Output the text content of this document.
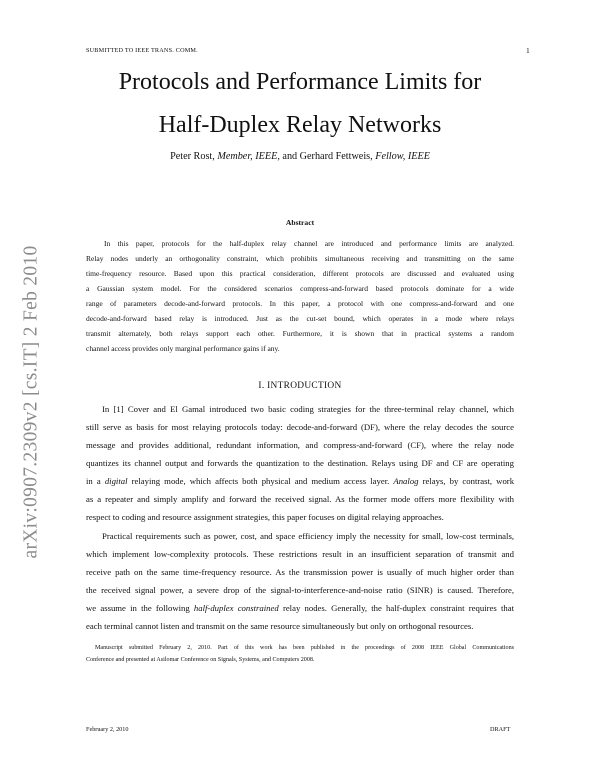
SUBMITTED TO IEEE TRANS. COMM.	1
Protocols and Performance Limits for
Half-Duplex Relay Networks
Peter Rost, Member, IEEE, and Gerhard Fettweis, Fellow, IEEE
arXiv:0907.2309v2 [cs.IT] 2 Feb 2010
Abstract
In this paper, protocols for the half-duplex relay channel are introduced and performance limits are analyzed.
Relay nodes underly an orthogonality constraint, which prohibits simultaneous receiving and transmitting on the same
time-frequency resource. Based upon this practical consideration, different protocols are discussed and evaluated using
a Gaussian system model. For the considered scenarios compress-and-forward based protocols dominate for a wide
range of parameters decode-and-forward protocols. In this paper, a protocol with one compress-and-forward and one
decode-and-forward based relay is introduced. Just as the cut-set bound, which operates in a mode where relays
transmit alternately, both relays support each other. Furthermore, it is shown that in practical systems a random
channel access provides only marginal performance gains if any.
I. INTRODUCTION
In [1] Cover and El Gamal introduced two basic coding strategies for the three-terminal relay channel, which
still serve as basis for most relaying protocols today: decode-and-forward (DF), where the relay decodes the source
message and provides additional, redundant information, and compress-and-forward (CF), where the relay node
quantizes its channel output and forwards the quantization to the destination. Relays using DF and CF are operating
in a digital relaying mode, which affects both physical and medium access layer. Analog relays, by contrast, work
as a repeater and simply amplify and forward the received signal. As the former mode offers more flexibility with
respect to coding and resource assignment strategies, this paper focuses on digital relaying approaches.
Practical requirements such as power, cost, and space efficiency imply the necessity for small, low-cost terminals,
which implement low-complexity protocols. These restrictions result in an insufficient separation of transmit and
receive path on the same time-frequency resource. As the transmission power is usually of much higher order than
the received signal power, a severe drop of the signal-to-interference-and-noise ratio (SINR) is caused. Therefore,
we assume in the following half-duplex constrained relay nodes. Generally, the half-duplex constraint requires that
each terminal cannot listen and transmit on the same resource simultaneously but only on orthogonal resources.
Manuscript submitted February 2, 2010. Part of this work has been published in the proceedings of 2008 IEEE Global Communications
Conference and presented at Asilomar Conference on Signals, Systems, and Computers 2008.
February 2, 2010	DRAFT
